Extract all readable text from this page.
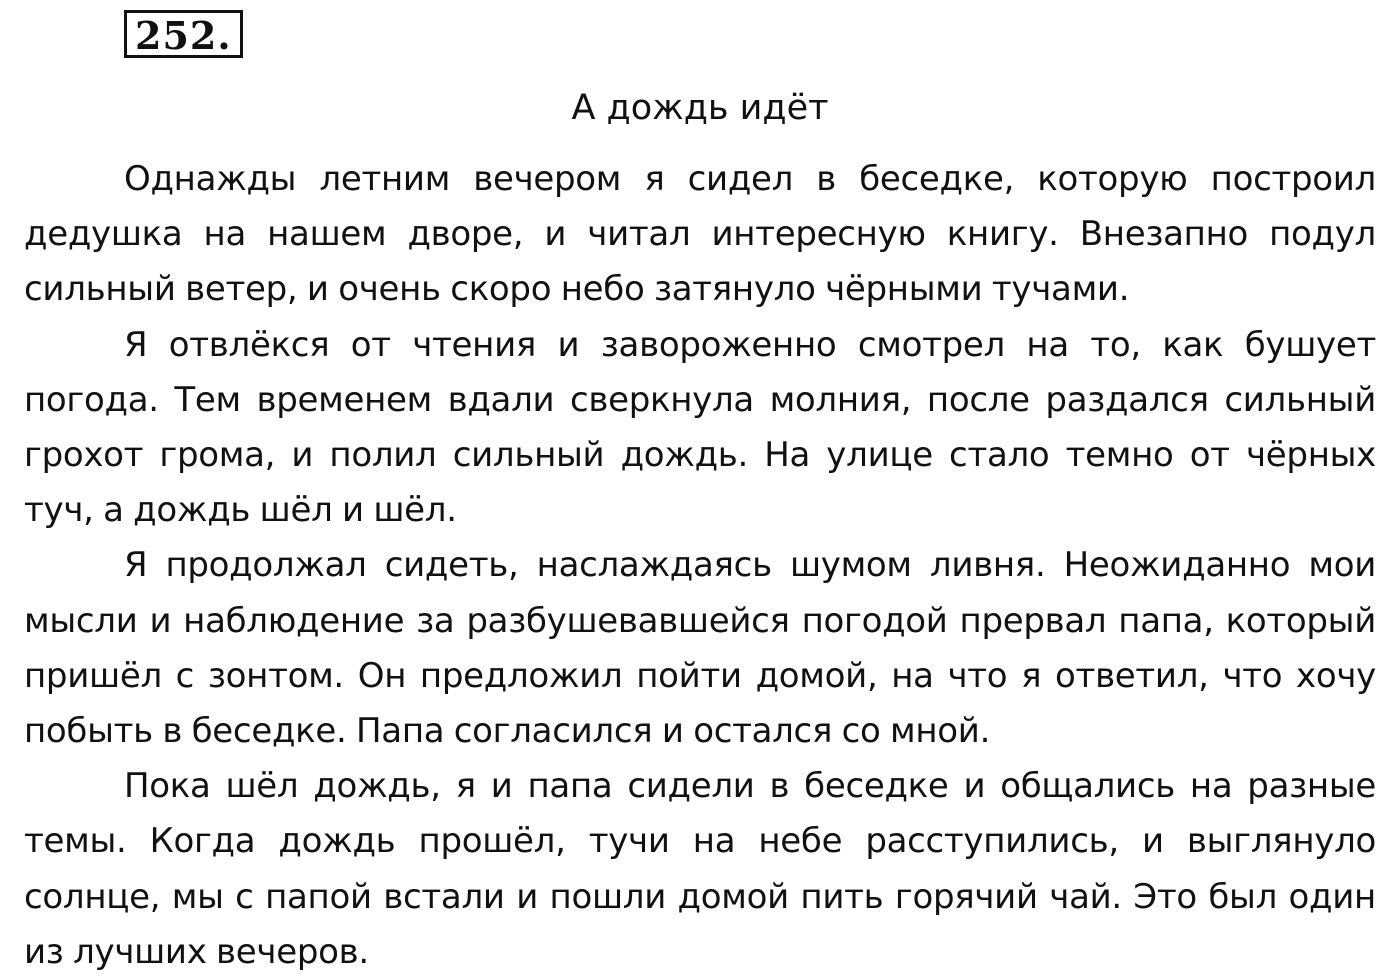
252.
А дождь идёт

Однажды летним вечером я сидел в беседке, которую построил дедушка на нашем дворе, и читал интересную книгу. Внезапно подул сильный ветер, и очень скоро небо затянуло чёрными тучами.

Я отвлёкся от чтения и завороженно смотрел на то, как бушует погода. Тем временем вдали сверкнула молния, после раздался сильный грохот грома, и полил сильный дождь. На улице стало темно от чёрных туч, а дождь шёл и шёл.

Я продолжал сидеть, наслаждаясь шумом ливня. Неожиданно мои мысли и наблюдение за разбушевавшейся погодой прервал папа, который пришёл с зонтом. Он предложил пойти домой, на что я ответил, что хочу побыть в беседке. Папа согласился и остался со мной.

Пока шёл дождь, я и папа сидели в беседке и общались на разные темы. Когда дождь прошёл, тучи на небе расступились, и выглянуло солнце, мы с папой встали и пошли домой пить горячий чай. Это был один из лучших вечеров.
